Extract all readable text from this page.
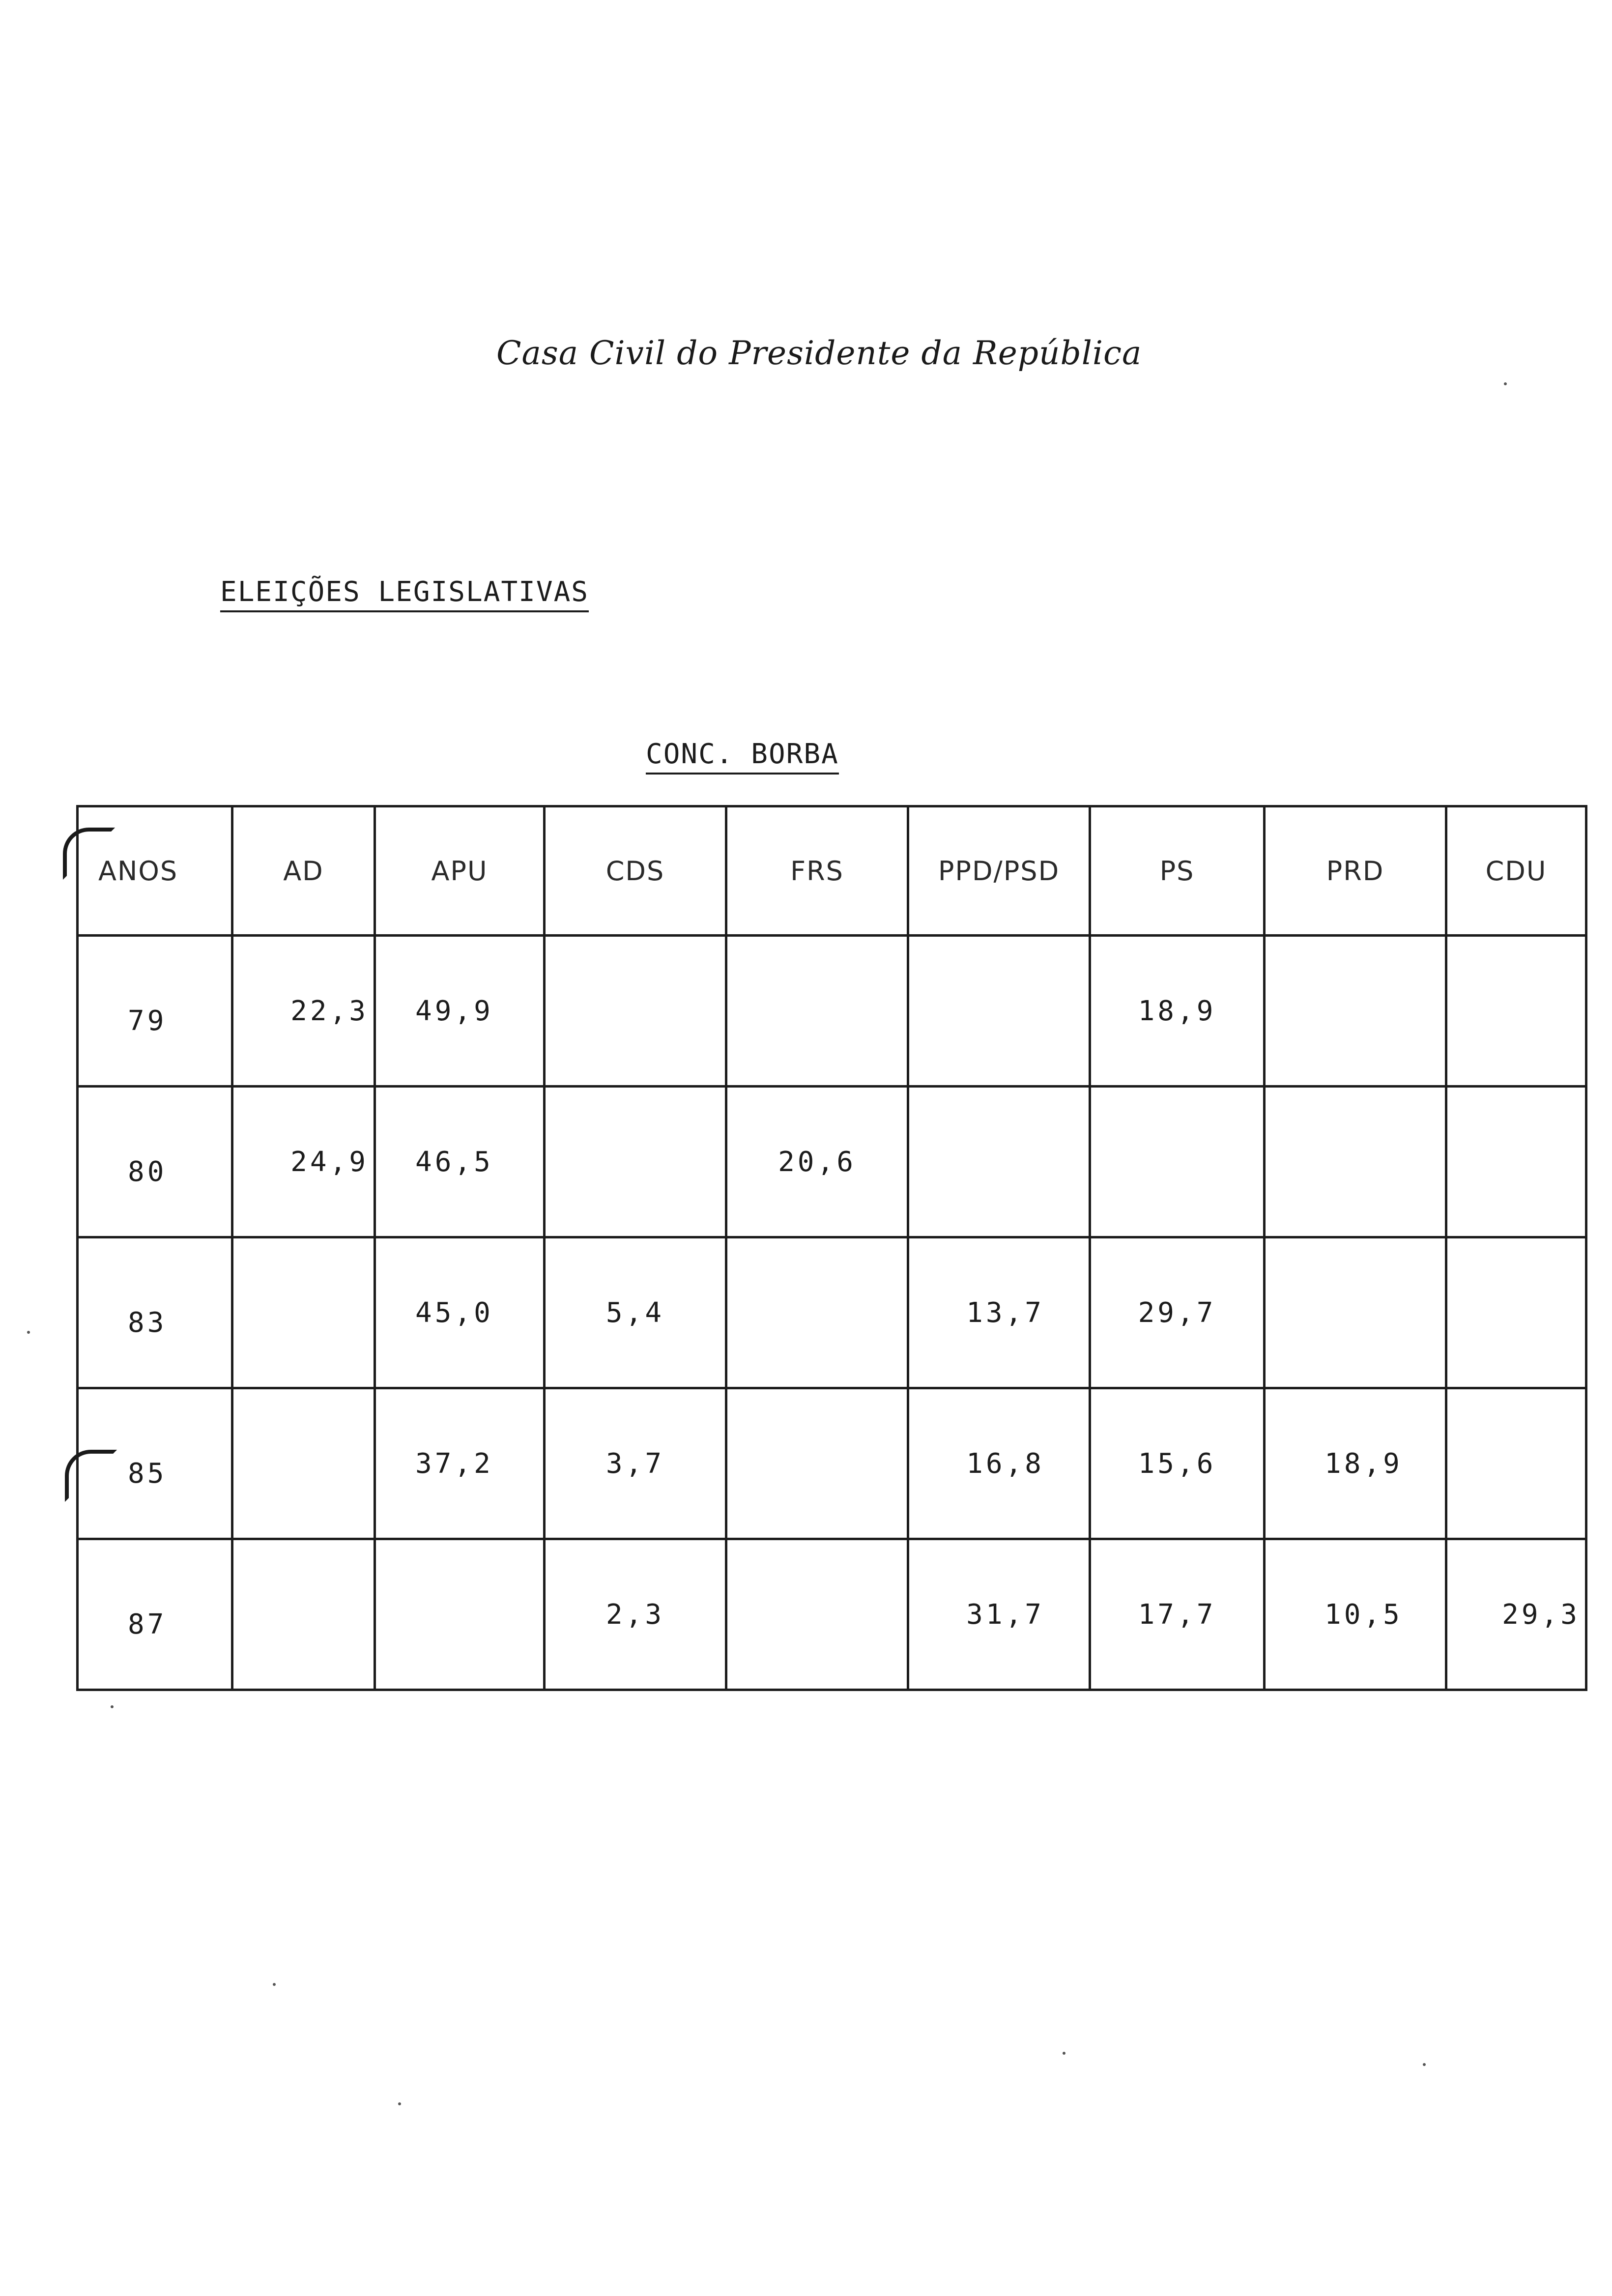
Casa Civil do Presidente da República
ELEIÇÕES LEGISLATIVAS
CONC. BORBA
ANOS	AD	APU	CDS	FRS	PPD/PSD	PS	PRD	CDU
79	22,3	49,9				18,9		
80	24,9	46,5		20,6				
83		45,0	5,4		13,7	29,7		
85		37,2	3,7		16,8	15,6	18,9	
87			2,3		31,7	17,7	10,5	29,3
